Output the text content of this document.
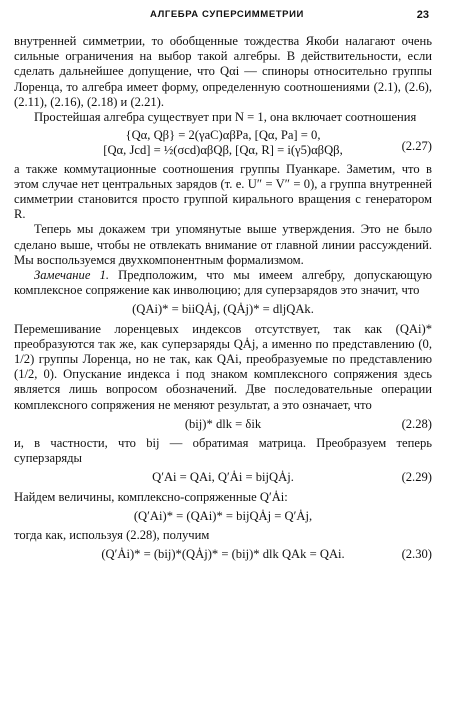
АЛГЕБРА СУПЕРСИММЕТРИИ	23

внутренней симметрии, то обобщенные тождества Якоби налагают очень сильные ограничения на выбор такой алгебры. В действительности, если сделать дальнейшее допущение, что Qαi — спиноры относительно группы Лоренца, то алгебра имеет форму, определенную соотношениями (2.1), (2.6), (2.11), (2.16), (2.18) и (2.21).

Простейшая алгебра существует при N = 1, она включает соотношения

{Qα, Qβ} = 2(γaC)αβPa, [Qα, Pa] = 0,
[Qα, Jcd] = ½(σcd)αβQβ, [Qα, R] = i(γ5)αβQβ,	(2.27)

а также коммутационные соотношения группы Пуанкаре. Заметим, что в этом случае нет центральных зарядов (т. е. U″ = V″ = 0), а группа внутренней симметрии становится просто группой кирального вращения с генератором R.

Теперь мы докажем три упомянутые выше утверждения. Это не было сделано выше, чтобы не отвлекать внимание от главной линии рассуждений. Мы воспользуемся двухкомпонентным формализмом.

Замечание 1. Предположим, что мы имеем алгебру, допускающую комплексное сопряжение как инволюцию; для суперзарядов это значит, что

(QAi)* = biiQȦj, (QȦj)* = dljQAk.

Перемешивание лоренцевых индексов отсутствует, так как (QAi)* преобразуются так же, как суперзаряды QȦj, а именно по представлению (0, 1/2) группы Лоренца, но не так, как QAi, преобразуемые по представлению (1/2, 0). Опускание индекса i под знаком комплексного сопряжения здесь является лишь вопросом обозначений. Две последовательные операции комплексного сопряжения не меняют результат, а это означает, что

(bij)* dlk = δik	(2.28)

и, в частности, что bij — обратимая матрица. Преобразуем теперь суперзаряды

Q′Ai = QAi, Q′Ȧi = bijQȦj.	(2.29)

Найдем величины, комплексно-сопряженные Q′Ȧi:

(Q′Ai)* = (QAi)* = bijQȦj = Q′Ȧj,

тогда как, используя (2.28), получим

(Q′Ȧi)* = (bij)*(QȦj)* = (bij)* dlk QAk = QAi.	(2.30)
